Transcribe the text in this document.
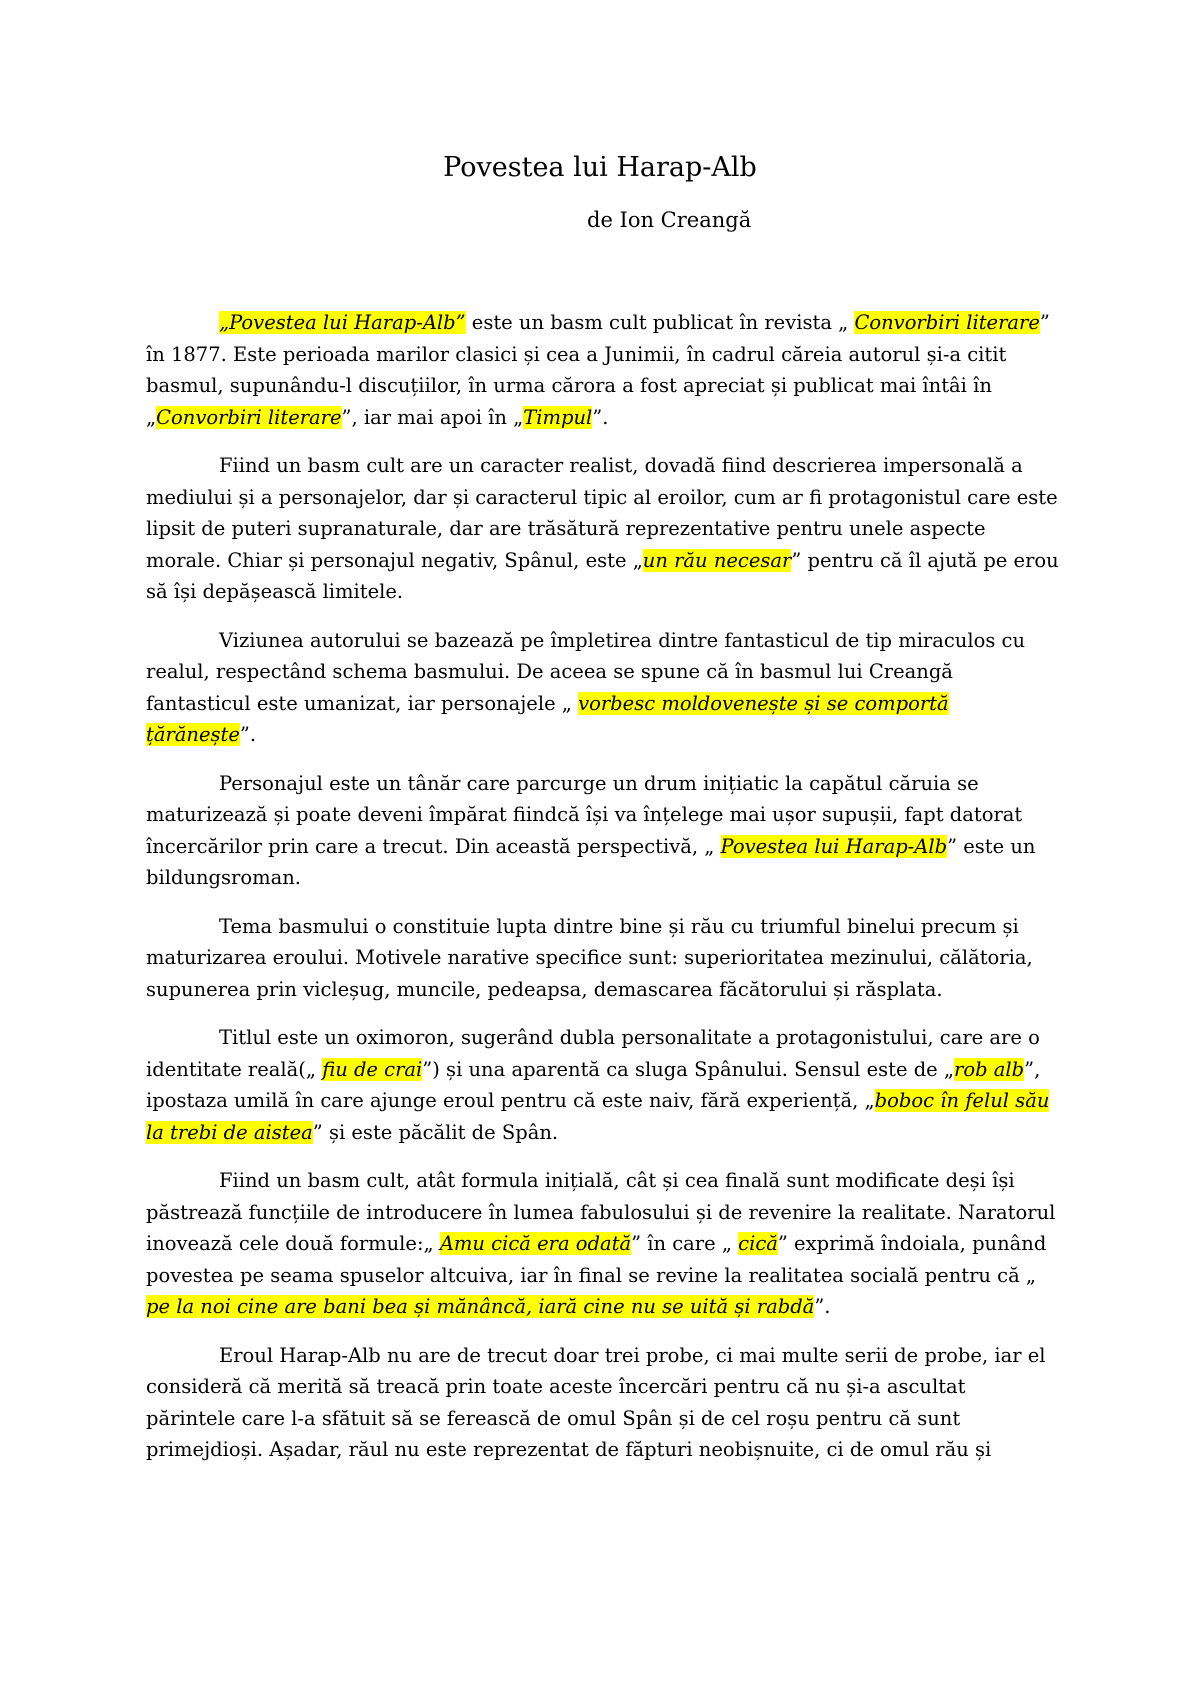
Povestea lui Harap-Alb
de Ion Creangă

„Povestea lui Harap-Alb” este un basm cult publicat în revista „ Convorbiri literare” în 1877. Este perioada marilor clasici și cea a Junimii, în cadrul căreia autorul și-a citit basmul, supunându-l discuțiilor, în urma cărora a fost apreciat și publicat mai întâi în „Convorbiri literare”, iar mai apoi în „Timpul”.

Fiind un basm cult are un caracter realist, dovadă fiind descrierea impersonală a mediului și a personajelor, dar și caracterul tipic al eroilor, cum ar fi protagonistul care este lipsit de puteri supranaturale, dar are trăsătură reprezentative pentru unele aspecte morale. Chiar și personajul negativ, Spânul, este „un rău necesar” pentru că îl ajută pe erou să își depășească limitele.

Viziunea autorului se bazează pe împletirea dintre fantasticul de tip miraculos cu realul, respectând schema basmului. De aceea se spune că în basmul lui Creangă fantasticul este umanizat, iar personajele „ vorbesc moldovenește și se comportă țărănește”.

Personajul este un tânăr care parcurge un drum inițiatic la capătul căruia se maturizează și poate deveni împărat fiindcă își va înțelege mai ușor supușii, fapt datorat încercărilor prin care a trecut. Din această perspectivă, „ Povestea lui Harap-Alb” este un bildungsroman.

Tema basmului o constituie lupta dintre bine și rău cu triumful binelui precum și maturizarea eroului. Motivele narative specifice sunt: superioritatea mezinului, călătoria, supunerea prin vicleșug, muncile, pedeapsa, demascarea făcătorului și răsplata.

Titlul este un oximoron, sugerând dubla personalitate a protagonistului, care are o identitate reală(„ fiu de crai”) și una aparentă ca sluga Spânului. Sensul este de „rob alb”, ipostaza umilă în care ajunge eroul pentru că este naiv, fără experiență, „boboc în felul său la trebi de aistea” și este păcălit de Spân.

Fiind un basm cult, atât formula inițială, cât și cea finală sunt modificate deși își păstrează funcțiile de introducere în lumea fabulosului și de revenire la realitate. Naratorul inovează cele două formule:„ Amu cică era odată” în care „ cică” exprimă îndoiala, punând povestea pe seama spuselor altcuiva, iar în final se revine la realitatea socială pentru că „ pe la noi cine are bani bea și mănâncă, iară cine nu se uită și rabdă”.

Eroul Harap-Alb nu are de trecut doar trei probe, ci mai multe serii de probe, iar el consideră că merită să treacă prin toate aceste încercări pentru că nu și-a ascultat părintele care l-a sfătuit să se ferească de omul Spân și de cel roșu pentru că sunt primejdioși. Așadar, răul nu este reprezentat de făpturi neobișnuite, ci de omul rău și
